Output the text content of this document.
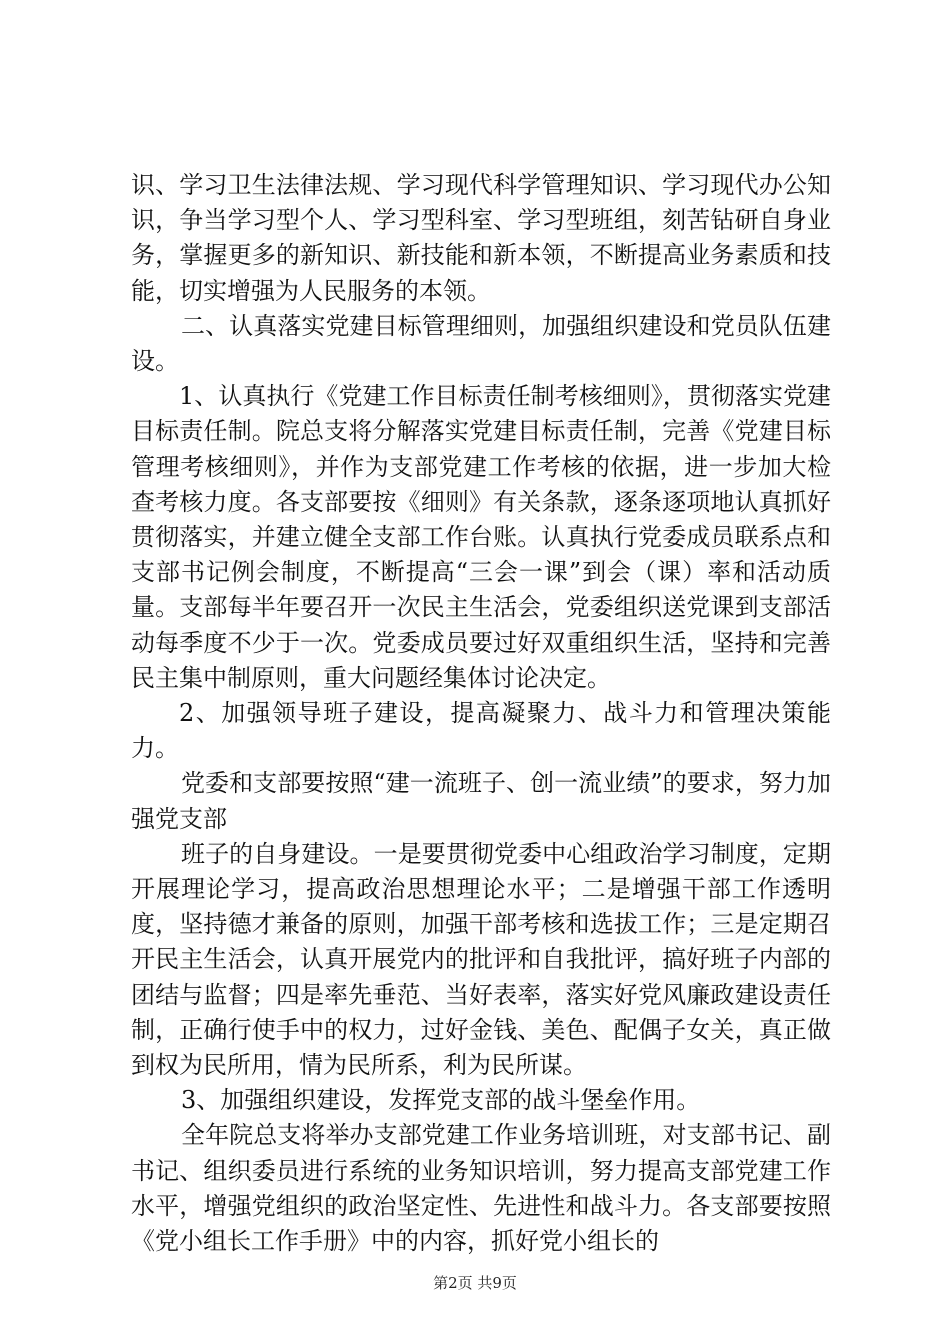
识、学习卫生法律法规、学习现代科学管理知识、学习现代办公知识，争当学习型个人、学习型科室、学习型班组，刻苦钻研自身业务，掌握更多的新知识、新技能和新本领，不断提高业务素质和技能，切实增强为人民服务的本领。

二、认真落实党建目标管理细则，加强组织建设和党员队伍建设。

1、认真执行《党建工作目标责任制考核细则》，贯彻落实党建目标责任制。院总支将分解落实党建目标责任制，完善《党建目标管理考核细则》，并作为支部党建工作考核的依据，进一步加大检查考核力度。各支部要按《细则》有关条款，逐条逐项地认真抓好贯彻落实，并建立健全支部工作台账。认真执行党委成员联系点和支部书记例会制度，不断提高“三会一课”到会（课）率和活动质量。支部每半年要召开一次民主生活会，党委组织送党课到支部活动每季度不少于一次。党委成员要过好双重组织生活，坚持和完善民主集中制原则，重大问题经集体讨论决定。

2、加强领导班子建设，提高凝聚力、战斗力和管理决策能力。

党委和支部要按照“建一流班子、创一流业绩”的要求，努力加强党支部

班子的自身建设。一是要贯彻党委中心组政治学习制度，定期开展理论学习，提高政治思想理论水平；二是增强干部工作透明度，坚持德才兼备的原则，加强干部考核和选拔工作；三是定期召开民主生活会，认真开展党内的批评和自我批评，搞好班子内部的团结与监督；四是率先垂范、当好表率，落实好党风廉政建设责任制，正确行使手中的权力，过好金钱、美色、配偶子女关，真正做到权为民所用，情为民所系，利为民所谋。

3、加强组织建设，发挥党支部的战斗堡垒作用。

全年院总支将举办支部党建工作业务培训班，对支部书记、副书记、组织委员进行系统的业务知识培训，努力提高支部党建工作水平，增强党组织的政治坚定性、先进性和战斗力。各支部要按照《党小组长工作手册》中的内容，抓好党小组长的

第2页 共9页
